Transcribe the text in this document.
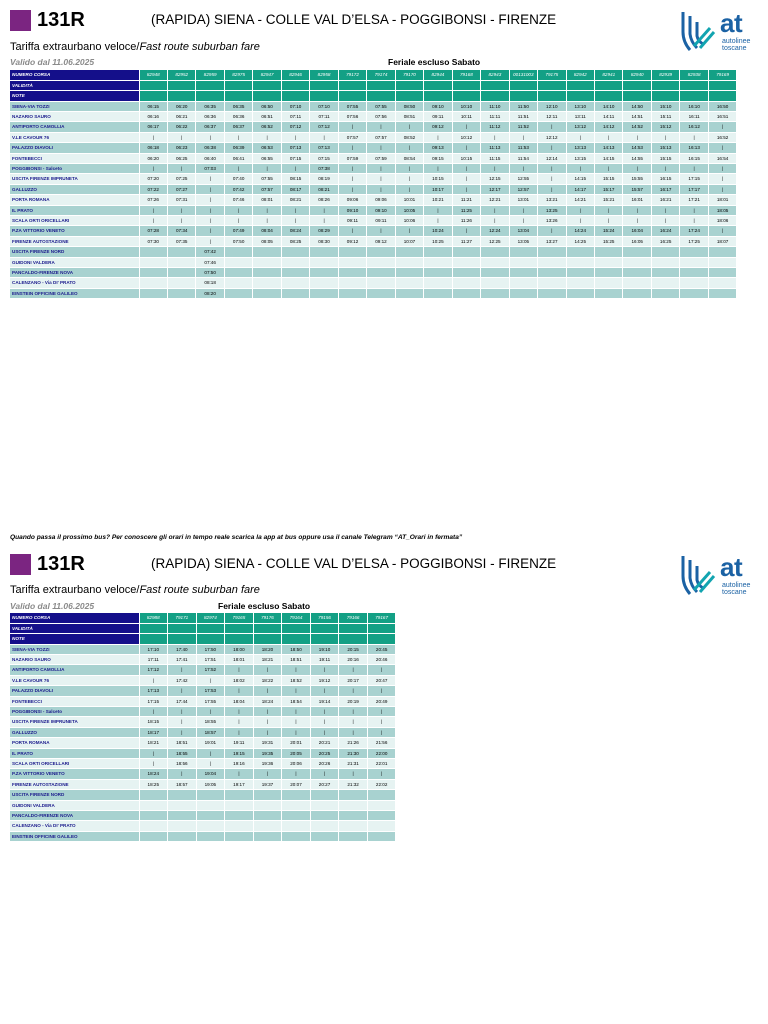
131R	(RAPIDA) SIENA - COLLE VAL D’ELSA - POGGIBONSI - FIRENZE
Tariffa extraurbano veloce/Fast route suburban fare
Valido dal 11.06.2025	Feriale escluso Sabato
at
autolinee
toscane
NUMERO CORSA	82948	82952	82959	82975	82947	82946	82958	79172	79174	79170	82944	79168	82943	00131003	79175	82942	82941	82940	82939	82938	79169
VALIDITÀ																					
NOTE																					
SIENA-VIA TOZZI	06:15	06:20	06:35	06:35	06:50	07:10	07:10	07:55	07:55	08:50	09:10	10:10	11:10	11:50	12:10	13:10	14:10	14:50	15:10	16:10	16:50
NAZARIO SAURO	06:16	06:21	06:36	06:36	06:51	07:11	07:11	07:56	07:56	08:51	09:11	10:11	11:11	11:51	12:11	13:11	14:11	14:51	15:11	16:11	16:51
ANTIPORTO CAMOLLIA	06:17	06:22	06:37	06:37	06:52	07:12	07:12	|	|	|	09:12	|	11:12	11:52	|	13:12	14:12	14:52	15:12	16:12	|
V.LE CAVOUR 76	|	|	|	|	|	|	|	07:57	07:57	08:52	|	10:12	|	|	12:12	|	|	|	|	|	16:52
PALAZZO DIAVOLI	06:18	06:23	06:38	06:39	06:53	07:13	07:13	|	|	|	09:13	|	11:13	11:53	|	13:13	14:13	14:53	15:13	16:13	|
FONTEBECCI	06:20	06:25	06:40	06:41	06:55	07:15	07:15	07:59	07:59	08:54	09:15	10:15	11:15	11:54	12:14	13:15	14:15	14:55	15:15	16:15	16:54
POGGIBONSI - Salceto	|	|	07:03	|	|	|	07:38	|	|	|	|	|	|	|	|	|	|	|	|	|	|
USCITA FIRENZE IMPRUNETA	07:20	07:25	|	07:40	07:55	08:15	08:19	|	|	|	10:15	|	12:15	12:55	|	14:15	15:15	15:55	16:15	17:15	|
GALLUZZO	07:22	07:27	|	07:42	07:57	08:17	08:21	|	|	|	10:17	|	12:17	12:57	|	14:17	15:17	15:57	16:17	17:17	|
PORTA ROMANA	07:26	07:31	|	07:46	08:01	08:21	08:26	09:06	09:06	10:01	10:21	11:21	12:21	13:01	13:21	14:21	15:21	16:01	16:21	17:21	18:01
IL PRATO	|	|	|	|	|	|	|	09:10	09:10	10:05	|	11:25	|	|	13:25	|	|	|	|	|	18:05
SCALA ORTI ORICELLARI	|	|	|	|	|	|	|	09:11	09:11	10:06	|	11:26	|	|	13:26	|	|	|	|	|	18:06
P.ZA VITTORIO VENETO	07:28	07:34	|	07:49	08:04	08:24	08:29	|	|	|	10:24	|	12:24	13:04	|	14:24	15:24	16:04	16:24	17:24	|
FIRENZE AUTOSTAZIONE	07:30	07:35	|	07:50	08:05	08:25	08:30	09:12	09:12	10:07	10:25	11:27	12:25	13:05	13:27	14:25	15:25	16:05	16:25	17:25	18:07
USCITA FIRENZE NORD			07:42																		
GUIDONI VALDERA			07:46																		
PANCALDO-FIRENZE NOVA			07:50																		
CALENZANO - Via DI' PRATO			08:18																		
EINSTEIN OFFICINE GALILEO			08:20																		
Quando passa il prossimo bus? Per conoscere gli orari in tempo reale scarica la app at bus oppure usa il canale Telegram “AT_Orari in fermata”
131R	(RAPIDA) SIENA - COLLE VAL D’ELSA - POGGIBONSI - FIRENZE
Tariffa extraurbano veloce/Fast route suburban fare
Valido dal 11.06.2025	Feriale escluso Sabato
at
autolinee
toscane
NUMERO CORSA	82988	79171	82974	79165	79176	79164	79156	79166	79167
VALIDITÀ									
NOTE									
SIENA-VIA TOZZI	17:10	17:40	17:50	18:00	18:20	18:50	19:10	20:15	20:45
NAZARIO SAURO	17:11	17:41	17:51	18:01	18:21	18:51	19:11	20:16	20:46
ANTIPORTO CAMOLLIA	17:12	|	17:52	|	|	|	|	|	|
V.LE CAVOUR 76	|	17:42	|	18:02	18:22	18:52	19:12	20:17	20:47
PALAZZO DIAVOLI	17:13	|	17:53	|	|	|	|	|	|
FONTEBECCI	17:15	17:44	17:55	18:04	18:24	18:54	19:14	20:19	20:49
POGGIBONSI - Salceto	|	|	|	|	|	|	|	|	|
USCITA FIRENZE IMPRUNETA	18:15	|	18:55	|	|	|	|	|	|
GALLUZZO	18:17	|	18:57	|	|	|	|	|	|
PORTA ROMANA	18:21	18:51	19:01	19:11	19:31	20:01	20:21	21:26	21:56
IL PRATO	|	18:55	|	19:15	19:35	20:05	20:25	21:30	22:00
SCALA ORTI ORICELLARI	|	18:56	|	19:16	19:36	20:06	20:26	21:31	22:01
P.ZA VITTORIO VENETO	18:24	|	19:04	|	|	|	|	|	|
FIRENZE AUTOSTAZIONE	18:25	18:57	19:05	19:17	19:37	20:07	20:27	21:32	22:02
USCITA FIRENZE NORD									
GUIDONI VALDERA									
PANCALDO-FIRENZE NOVA									
CALENZANO - Via DI' PRATO									
EINSTEIN OFFICINE GALILEO									
